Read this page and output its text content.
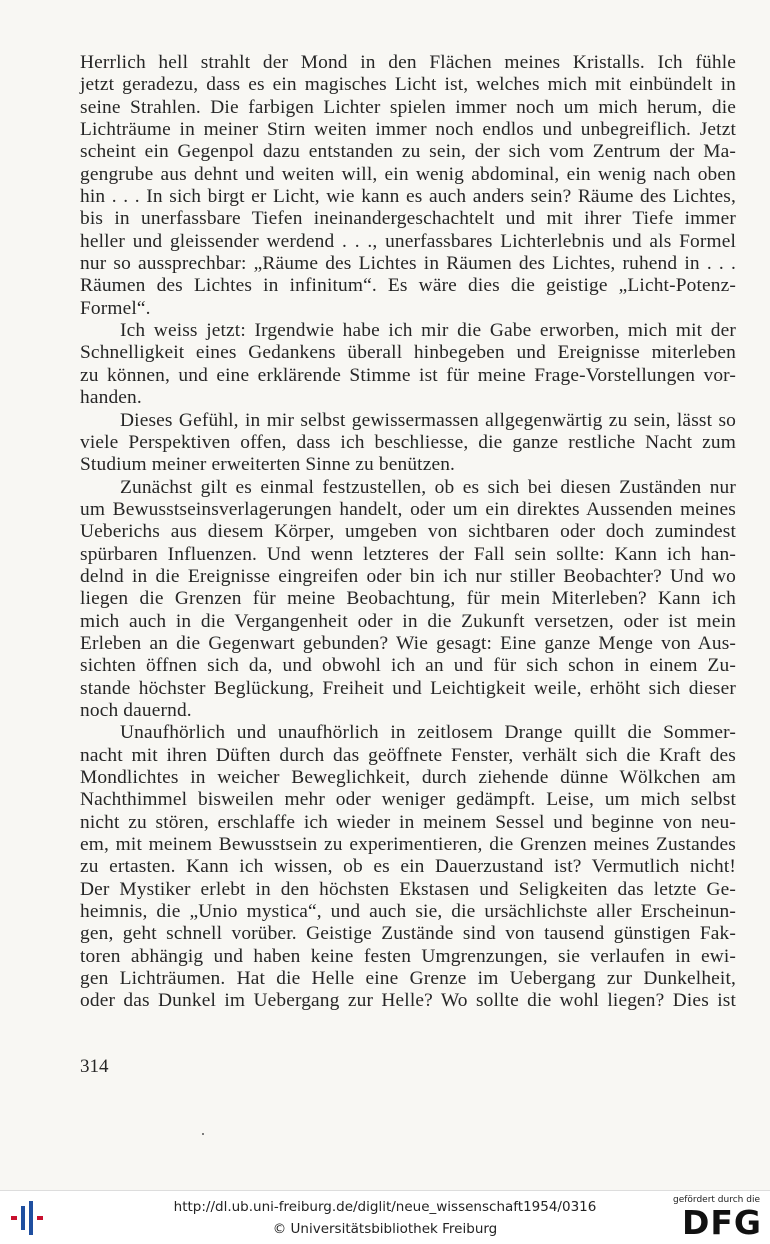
Herrlich hell strahlt der Mond in den Flächen meines Kristalls. Ich fühle
jetzt geradezu, dass es ein magisches Licht ist, welches mich mit einbündelt in
seine Strahlen. Die farbigen Lichter spielen immer noch um mich herum, die
Lichträume in meiner Stirn weiten immer noch endlos und unbegreiflich. Jetzt
scheint ein Gegenpol dazu entstanden zu sein, der sich vom Zentrum der Ma-
gengrube aus dehnt und weiten will, ein wenig abdominal, ein wenig nach oben
hin . . . In sich birgt er Licht, wie kann es auch anders sein? Räume des Lichtes,
bis in unerfassbare Tiefen ineinandergeschachtelt und mit ihrer Tiefe immer
heller und gleissender werdend . . ., unerfassbares Lichterlebnis und als Formel
nur so aussprechbar: „Räume des Lichtes in Räumen des Lichtes, ruhend in . . .
Räumen des Lichtes in infinitum“. Es wäre dies die geistige „Licht-Potenz-
Formel“.
Ich weiss jetzt: Irgendwie habe ich mir die Gabe erworben, mich mit der
Schnelligkeit eines Gedankens überall hinbegeben und Ereignisse miterleben
zu können, und eine erklärende Stimme ist für meine Frage-Vorstellungen vor-
handen.
Dieses Gefühl, in mir selbst gewissermassen allgegenwärtig zu sein, lässt so
viele Perspektiven offen, dass ich beschliesse, die ganze restliche Nacht zum
Studium meiner erweiterten Sinne zu benützen.
Zunächst gilt es einmal festzustellen, ob es sich bei diesen Zuständen nur
um Bewusstseinsverlagerungen handelt, oder um ein direktes Aussenden meines
Ueberichs aus diesem Körper, umgeben von sichtbaren oder doch zumindest
spürbaren Influenzen. Und wenn letzteres der Fall sein sollte: Kann ich han-
delnd in die Ereignisse eingreifen oder bin ich nur stiller Beobachter? Und wo
liegen die Grenzen für meine Beobachtung, für mein Miterleben? Kann ich
mich auch in die Vergangenheit oder in die Zukunft versetzen, oder ist mein
Erleben an die Gegenwart gebunden? Wie gesagt: Eine ganze Menge von Aus-
sichten öffnen sich da, und obwohl ich an und für sich schon in einem Zu-
stande höchster Beglückung, Freiheit und Leichtigkeit weile, erhöht sich dieser
noch dauernd.
Unaufhörlich und unaufhörlich in zeitlosem Drange quillt die Sommer-
nacht mit ihren Düften durch das geöffnete Fenster, verhält sich die Kraft des
Mondlichtes in weicher Beweglichkeit, durch ziehende dünne Wölkchen am
Nachthimmel bisweilen mehr oder weniger gedämpft. Leise, um mich selbst
nicht zu stören, erschlaffe ich wieder in meinem Sessel und beginne von neu-
em, mit meinem Bewusstsein zu experimentieren, die Grenzen meines Zustandes
zu ertasten. Kann ich wissen, ob es ein Dauerzustand ist? Vermutlich nicht!
Der Mystiker erlebt in den höchsten Ekstasen und Seligkeiten das letzte Ge-
heimnis, die „Unio mystica“, und auch sie, die ursächlichste aller Erscheinun-
gen, geht schnell vorüber. Geistige Zustände sind von tausend günstigen Fak-
toren abhängig und haben keine festen Umgrenzungen, sie verlaufen in ewi-
gen Lichträumen. Hat die Helle eine Grenze im Uebergang zur Dunkelheit,
oder das Dunkel im Uebergang zur Helle? Wo sollte die wohl liegen? Dies ist
314
http://dl.ub.uni-freiburg.de/diglit/neue_wissenschaft1954/0316
© Universitätsbibliothek Freiburg
gefördert durch die
DFG
